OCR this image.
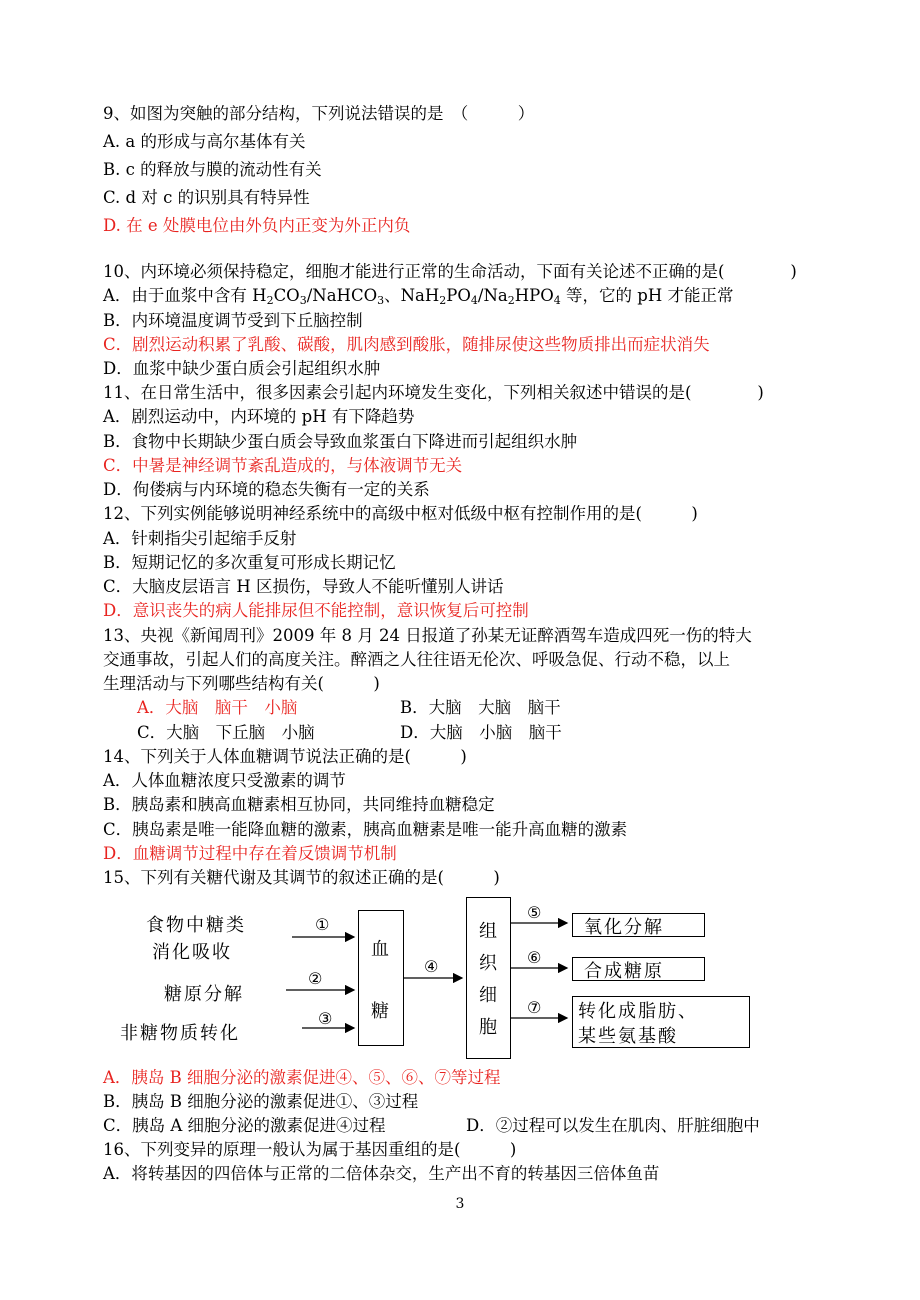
9、如图为突触的部分结构，下列说法错误的是　（　　　）
A. a 的形成与高尔基体有关
B. c 的释放与膜的流动性有关
C. d 对 c 的识别具有特异性
D. 在 e 处膜电位由外负内正变为外正内负
10、内环境必须保持稳定，细胞才能进行正常的生命活动，下面有关论述不正确的是(　　　　)
A．由于血浆中含有 $H_2CO_3/NaHCO_3$、$NaH_2PO_4/Na_2HPO_4$ 等，它的 pH 才能正常
B．内环境温度调节受到下丘脑控制
C．剧烈运动积累了乳酸、碳酸，肌肉感到酸胀，随排尿使这些物质排出而症状消失
D．血浆中缺少蛋白质会引起组织水肿
11、在日常生活中，很多因素会引起内环境发生变化，下列相关叙述中错误的是(　　　　)
A．剧烈运动中，内环境的 pH 有下降趋势
B．食物中长期缺少蛋白质会导致血浆蛋白下降进而引起组织水肿
C．中暑是神经调节紊乱造成的，与体液调节无关
D．佝偻病与内环境的稳态失衡有一定的关系
12、下列实例能够说明神经系统中的高级中枢对低级中枢有控制作用的是(　　　)
A．针刺指尖引起缩手反射
B．短期记忆的多次重复可形成长期记忆
C．大脑皮层语言 H 区损伤，导致人不能听懂别人讲话
D．意识丧失的病人能排尿但不能控制，意识恢复后可控制
13、央视《新闻周刊》2009 年 8 月 24 日报道了孙某无证醉酒驾车造成四死一伤的特大
交通事故，引起人们的高度关注。醉酒之人往往语无伦次、呼吸急促、行动不稳，以上
生理活动与下列哪些结构有关(　　　)
A．大脑　脑干　小脑	B．大脑　大脑　脑干
C．大脑　下丘脑　小脑	D．大脑　小脑　脑干
14、下列关于人体血糖调节说法正确的是(　　　)
A．人体血糖浓度只受激素的调节
B．胰岛素和胰高血糖素相互协同，共同维持血糖稳定
C．胰岛素是唯一能降血糖的激素，胰高血糖素是唯一能升高血糖的激素
D．血糖调节过程中存在着反馈调节机制
15、下列有关糖代谢及其调节的叙述正确的是(　　　)
食物中糖类
消化吸收
糖原分解
非糖物质转化
①
②
③
④
⑤
⑥
⑦
血
糖
组
织
细
胞
氧化分解
合成糖原
转化成脂肪、
某些氨基酸
A．胰岛 B 细胞分泌的激素促进④、⑤、⑥、⑦等过程
B．胰岛 B 细胞分泌的激素促进①、③过程
C．胰岛 A 细胞分泌的激素促进④过程	D．②过程可以发生在肌肉、肝脏细胞中
16、下列变异的原理一般认为属于基因重组的是(　　　)
A．将转基因的四倍体与正常的二倍体杂交，生产出不育的转基因三倍体鱼苗
3
